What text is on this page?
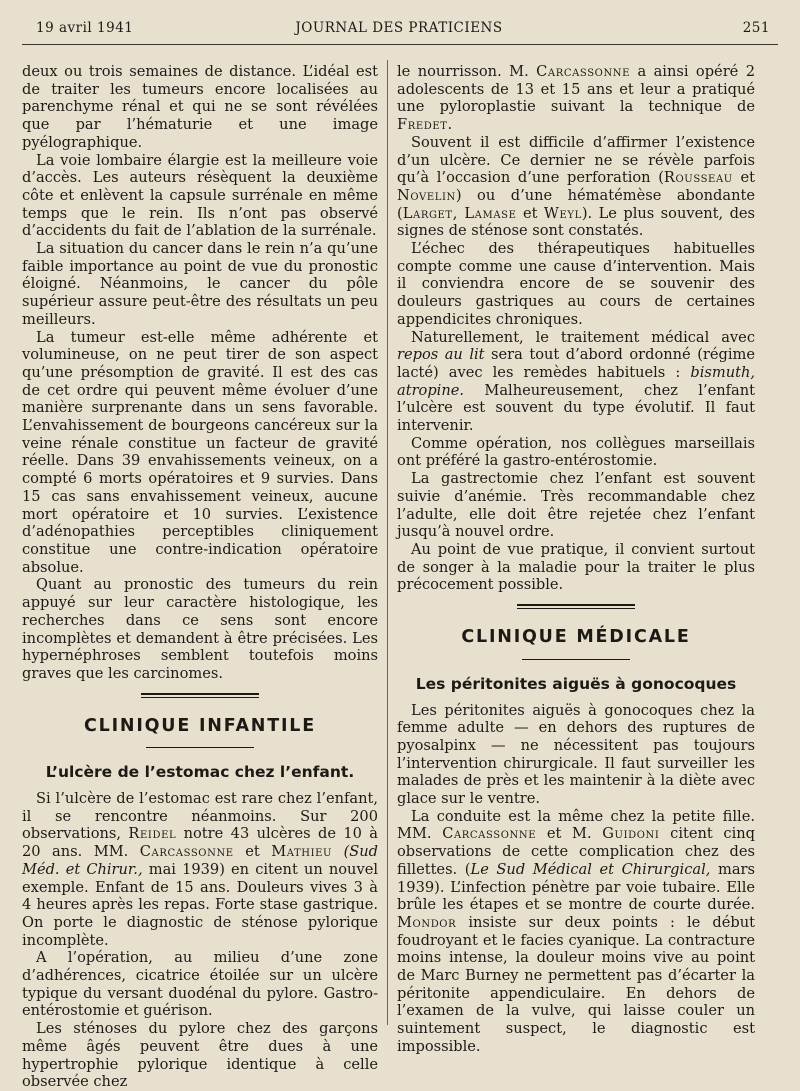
19 avril 1941	JOURNAL DES PRATICIENS	251

deux ou trois semaines de distance. L’idéal est de traiter les tumeurs encore localisées au parenchyme rénal et qui ne se sont révélées que par l’hématurie et une image pyélographique.

La voie lombaire élargie est la meilleure voie d’accès. Les auteurs résèquent la deuxième côte et enlèvent la capsule surrénale en même temps que le rein. Ils n’ont pas observé d’accidents du fait de l’ablation de la surrénale.

La situation du cancer dans le rein n’a qu’une faible importance au point de vue du pronostic éloigné. Néanmoins, le cancer du pôle supérieur assure peut-être des résultats un peu meilleurs.

La tumeur est-elle même adhérente et volumineuse, on ne peut tirer de son aspect qu’une présomption de gravité. Il est des cas de cet ordre qui peuvent même évoluer d’une manière surprenante dans un sens favorable. L’envahissement de bourgeons cancéreux sur la veine rénale constitue un facteur de gravité réelle. Dans 39 envahissements veineux, on a compté 6 morts opératoires et 9 survies. Dans 15 cas sans envahissement veineux, aucune mort opératoire et 10 survies. L’existence d’adénopathies perceptibles cliniquement constitue une contre-indication opératoire absolue.

Quant au pronostic des tumeurs du rein appuyé sur leur caractère histologique, les recherches dans ce sens sont encore incomplètes et demandent à être précisées. Les hypernéphroses semblent toutefois moins graves que les carcinomes.

CLINIQUE INFANTILE
L’ulcère de l’estomac chez l’enfant.

Si l’ulcère de l’estomac est rare chez l’enfant, il se rencontre néanmoins. Sur 200 observations, Reidel notre 43 ulcères de 10 à 20 ans. MM. Carcassonne et Mathieu (Sud Méd. et Chirur., mai 1939) en citent un nouvel exemple. Enfant de 15 ans. Douleurs vives 3 à 4 heures après les repas. Forte stase gastrique. On porte le diagnostic de sténose pylorique incomplète.

A l’opération, au milieu d’une zone d’adhérences, cicatrice étoilée sur un ulcère typique du versant duodénal du pylore. Gastro-entérostomie et guérison.

Les sténoses du pylore chez des garçons même âgés peuvent être dues à une hypertrophie pylorique identique à celle observée chez

le nourrisson. M. Carcassonne a ainsi opéré 2 adolescents de 13 et 15 ans et leur a pratiqué une pyloroplastie suivant la technique de Fredet.

Souvent il est difficile d’affirmer l’existence d’un ulcère. Ce dernier ne se révèle parfois qu’à l’occasion d’une perforation (Rousseau et Novelin) ou d’une hématémèse abondante (Larget, Lamase et Weyl). Le plus souvent, des signes de sténose sont constatés.

L’échec des thérapeutiques habituelles compte comme une cause d’intervention. Mais il conviendra encore de se souvenir des douleurs gastriques au cours de certaines appendicites chroniques.

Naturellement, le traitement médical avec repos au lit sera tout d’abord ordonné (régime lacté) avec les remèdes habituels : bismuth, atropine. Malheureusement, chez l’enfant l’ulcère est souvent du type évolutif. Il faut intervenir.

Comme opération, nos collègues marseillais ont préféré la gastro-entérostomie.

La gastrectomie chez l’enfant est souvent suivie d’anémie. Très recommandable chez l’adulte, elle doit être rejetée chez l’enfant jusqu’à nouvel ordre.

Au point de vue pratique, il convient surtout de songer à la maladie pour la traiter le plus précocement possible.

CLINIQUE MÉDICALE
Les péritonites aiguës à gonocoques

Les péritonites aiguës à gonocoques chez la femme adulte — en dehors des ruptures de pyosalpinx — ne nécessitent pas toujours l’intervention chirurgicale. Il faut surveiller les malades de près et les maintenir à la diète avec glace sur le ventre.

La conduite est la même chez la petite fille. MM. Carcassonne et M. Guidoni citent cinq observations de cette complication chez des fillettes. (Le Sud Médical et Chirurgical, mars 1939). L’infection pénètre par voie tubaire. Elle brûle les étapes et se montre de courte durée. Mondor insiste sur deux points : le début foudroyant et le facies cyanique. La contracture moins intense, la douleur moins vive au point de Marc Burney ne permettent pas d’écarter la péritonite appendiculaire. En dehors de l’examen de la vulve, qui laisse couler un suintement suspect, le diagnostic est impossible.
